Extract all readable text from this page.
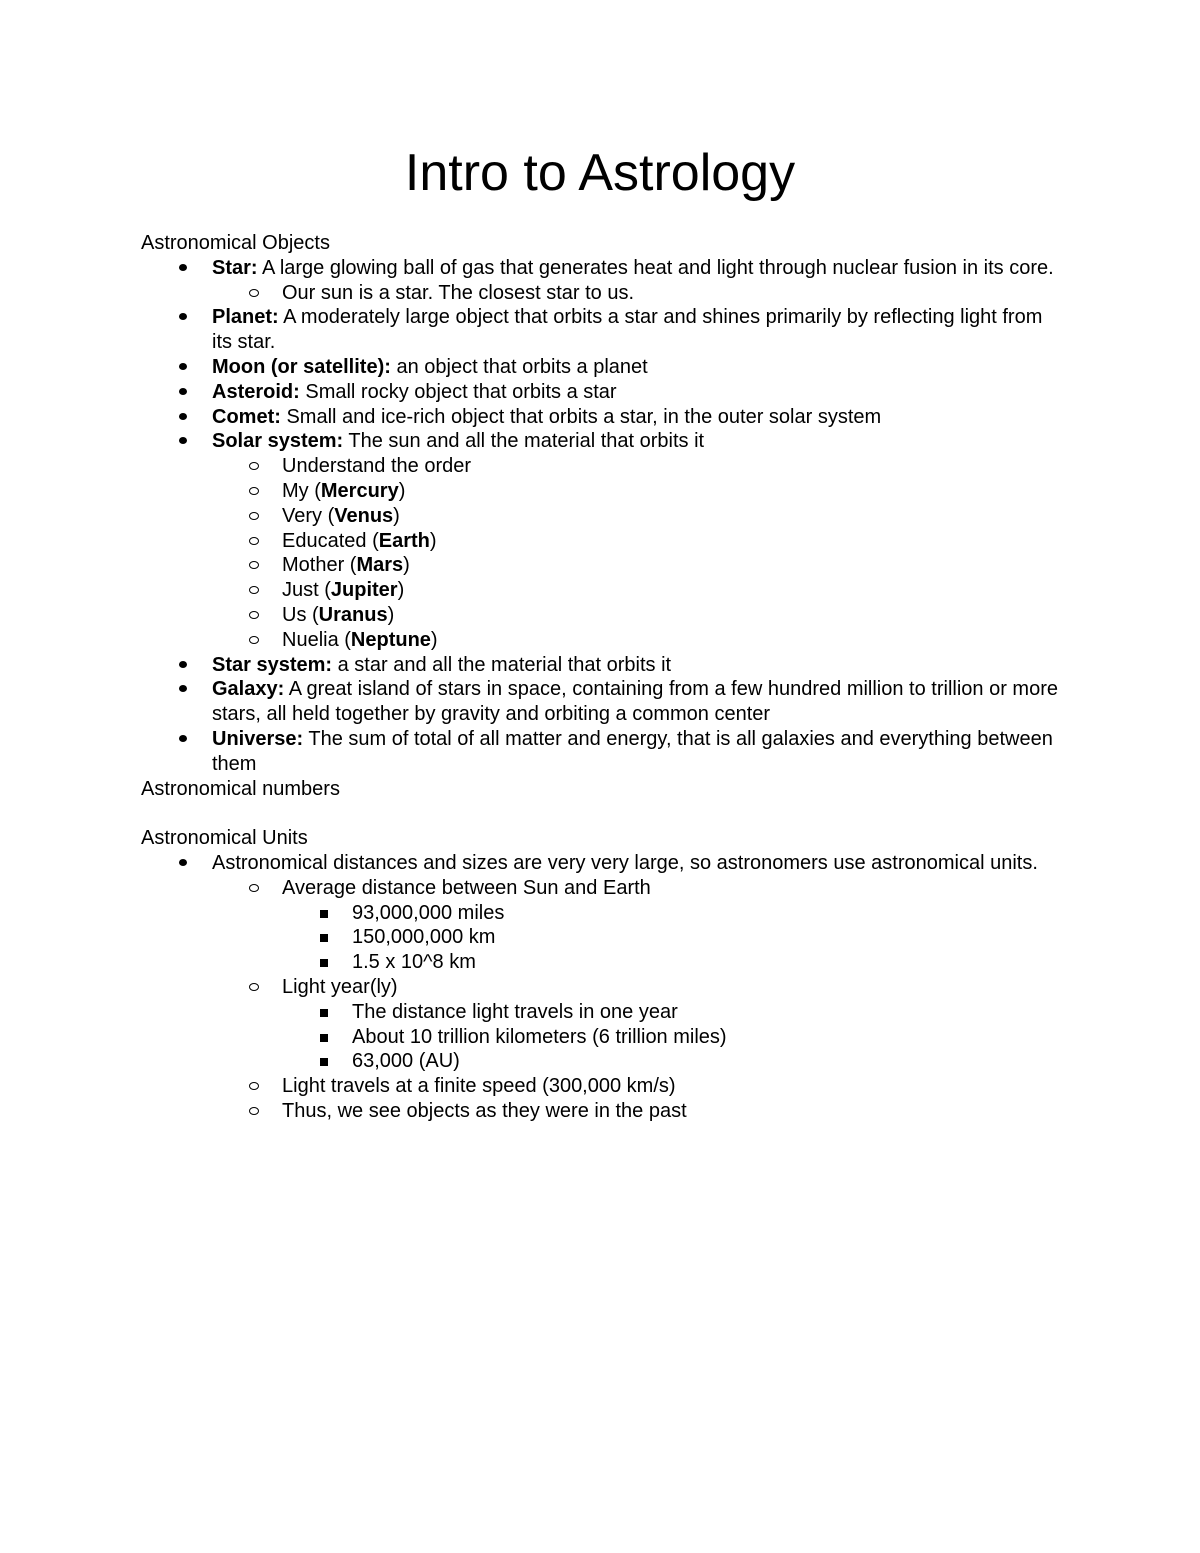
Intro to Astrology

Astronomical Objects

Star: A large glowing ball of gas that generates heat and light through nuclear fusion in its core.
Our sun is a star. The closest star to us.
Planet: A moderately large object that orbits a star and shines primarily by reflecting light from its star.
Moon (or satellite): an object that orbits a planet
Asteroid: Small rocky object that orbits a star
Comet: Small and ice-rich object that orbits a star, in the outer solar system
Solar system: The sun and all the material that orbits it
Understand the order
My (Mercury)
Very (Venus)
Educated (Earth)
Mother (Mars)
Just (Jupiter)
Us (Uranus)
Nuelia (Neptune)
Star system: a star and all the material that orbits it
Galaxy: A great island of stars in space, containing from a few hundred million to trillion or more stars, all held together by gravity and orbiting a common center
Universe: The sum of total of all matter and energy, that is all galaxies and everything between them

Astronomical numbers

Astronomical Units

Astronomical distances and sizes are very very large, so astronomers use astronomical units.
Average distance between Sun and Earth
93,000,000 miles
150,000,000 km
1.5 x 10^8 km
Light year(ly)
The distance light travels in one year
About 10 trillion kilometers (6 trillion miles)
63,000 (AU)
Light travels at a finite speed (300,000 km/s)
Thus, we see objects as they were in the past
